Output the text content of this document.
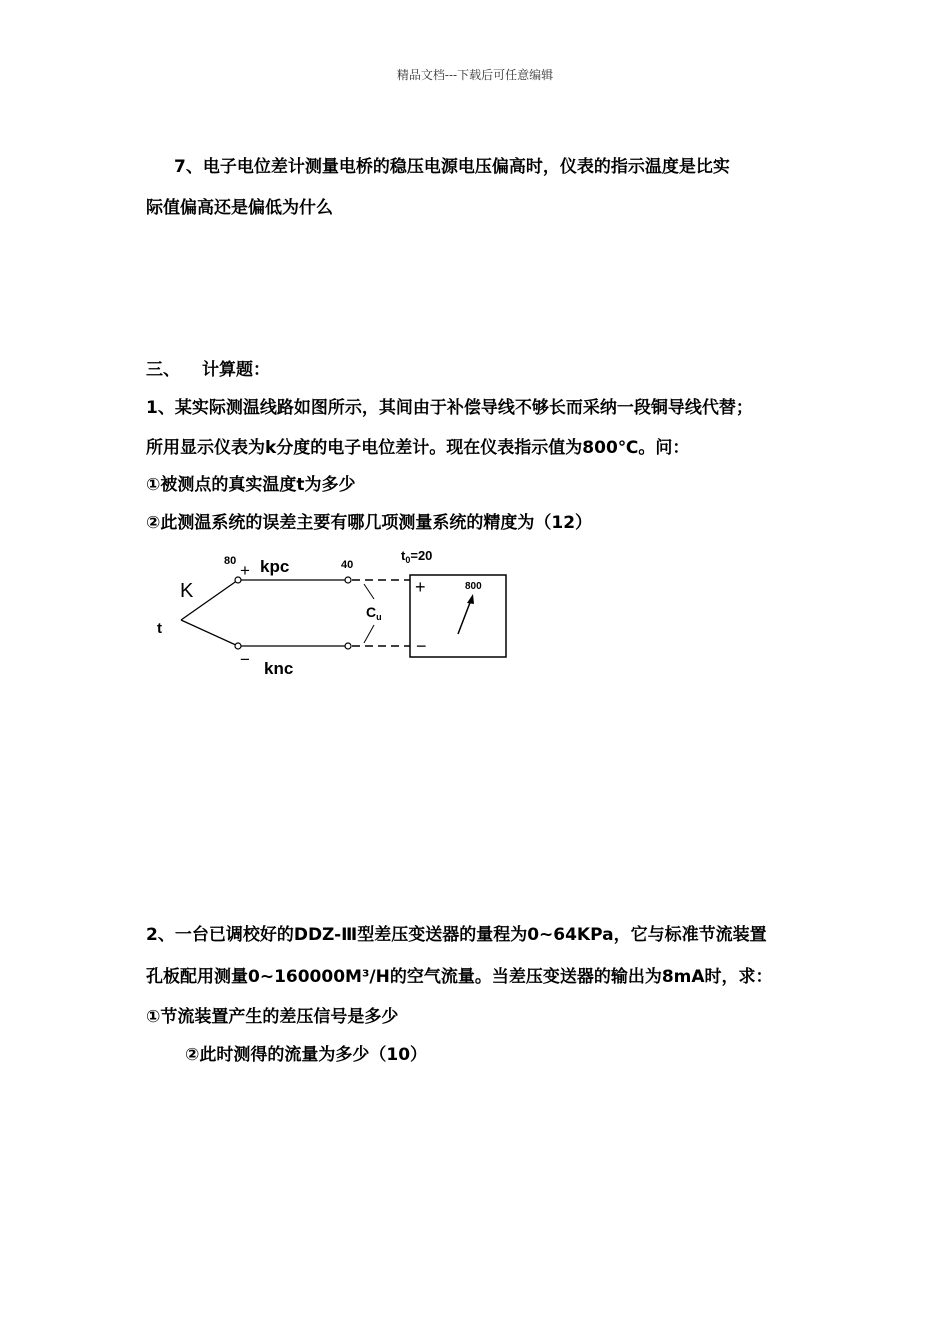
精品文档---下载后可任意编辑
7、电子电位差计测量电桥的稳压电源电压偏高时，仪表的指示温度是比实
际值偏高还是偏低为什么
三、 计算题：
1、某实际测温线路如图所示，其间由于补偿导线不够长而采纳一段铜导线代替；
所用显示仪表为k分度的电子电位差计。现在仪表指示值为800℃。问：
①被测点的真实温度t为多少
②此测温系统的误差主要有哪几项测量系统的精度为（12）
K
t
80 + kpc	40
− knc
$C_u$
$t_0=20$
+
−
800
2、一台已调校好的DDZ-Ⅲ型差压变送器的量程为0~64KPa，它与标准节流装置
孔板配用测量0~160000M³/H的空气流量。当差压变送器的输出为8mA时，求：
①节流装置产生的差压信号是多少
②此时测得的流量为多少（10）
